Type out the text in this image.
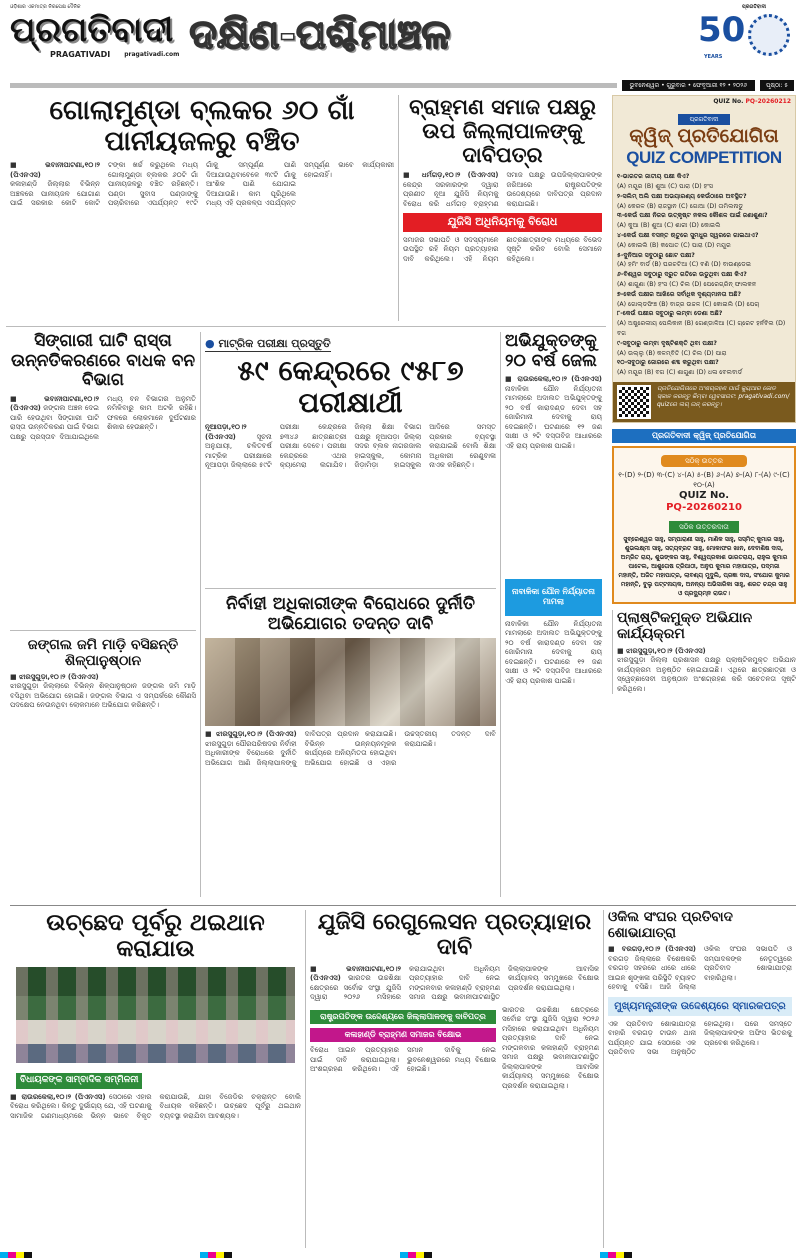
ଓଡ଼ିଶାର ଏକମାତ୍ର ନିରପେକ୍ଷ ଦୈନିକ
ପ୍ରଗତିବାଦୀ
PRAGATIVADI pragativadi.com ଦକ୍ଷିଣ-ପଶ୍ଚିମାଞ୍ଚଳ
ପ୍ରଗତିବାଦୀ
50
YEARS
ଭୁବନେଶ୍ୱର • ଗୁରୁବାର • ଫେବୃଆରୀ ୧୨ • ୨୦୨୬	ପୃଷ୍ଠା: ୫
ଗୋଲାମୁଣ୍ଡା ବ୍ଲକର ୬୦ ଗାଁ ପାନୀୟଜଳରୁ ବଞ୍ଚିତ
■ ଭବାନୀପାଟଣା,୧୦।୨ (ପିଏନଏସ)
କଳାହାଣ୍ଡି ଜିଲ୍ଲାର ବିଭିନ୍ନ ଅଞ୍ଚଳରେ ପାନୀୟଜଳ ଯୋଗାଣ ପାଇଁ ସରକାର କୋଟି କୋଟି ଟଙ୍କା ଖର୍ଚ୍ଚ କରୁଥିଲେ ମଧ୍ୟ ଗୋଲାମୁଣ୍ଡା ବ୍ଲକର ୬୦ଟି ଗାଁ ପାନୀୟଜଳରୁ ବଞ୍ଚିତ ରହିଛନ୍ତି। ପଣ୍ଡା ସୁବାସ ପଣ୍ଡାଙ୍କୁ ପଚାରିବାରେ ଏପର୍ଯ୍ୟନ୍ତ ୧୯ଟି ଗାଁକୁ ସମ୍ପୂର୍ଣ୍ଣ ପାଣି ଦିଆଯାଉଥିବାବେଳେ ୩୯ଟି ଗାଁକୁ ଆଂଶିକ ପାଣି ଯୋଗାଇ ଦିଆଯାଉଛି। କାମ ପୂରିଥିଲେ ମଧ୍ୟ ଏହି ପ୍ରକଳ୍ପ ଏପର୍ଯ୍ୟନ୍ତ ସମ୍ପୂର୍ଣ୍ଣ ଭାବେ କାର୍ଯ୍ୟକାରୀ ହୋଇନାହିଁ।
ବ୍ରାହ୍ମଣ ସମାଜ ପକ୍ଷରୁ ଉପ ଜିଲ୍ଲାପାଳଙ୍କୁ ଦାବିପତ୍ର
■ ଧର୍ମଗଡ଼,୧୦।୨ (ପିଏନଏସ) କେନ୍ଦ୍ର ସରକାରଙ୍କ ଦ୍ୱାରା ପ୍ରଣୀତ ନୂଆ ଯୁଜିସି ନିୟମକୁ ବିରୋଧ କରି ଧର୍ମଗଡ଼ ବ୍ରାହ୍ମଣ ସମାଜ ପକ୍ଷରୁ ଉପଜିଲ୍ଲାପାଳଙ୍କ ଜରିଆରେ ରାଷ୍ଟ୍ରପତିଙ୍କ ଉଦ୍ଦେଶ୍ୟରେ ଦାବିପତ୍ର ପ୍ରଦାନ କରାଯାଇଛି।
ଯୁଜିସି ଅଧିନିୟମକୁ ବିରୋଧ
ସମାଜର ସଭାପତି ଓ ସଦସ୍ୟମାନେ ଉପସ୍ଥିତ ରହି ନିୟମ ପ୍ରତ୍ୟାହାର ଦାବି କରିଥିଲେ। ଏହି ନିୟମ ଛାତ୍ରଛାତ୍ରୀଙ୍କ ମଧ୍ୟରେ ବିଭେଦ ସୃଷ୍ଟି କରିବ ବୋଲି ସେମାନେ କହିଥିଲେ।
ସିଙ୍ଗାରୀ ଘାଟି ରାସ୍ତା ଉନ୍ନତିକରଣରେ ବାଧକ ବନ ବିଭାଗ
■ ଭବାନୀପାଟଣା,୧୦।୨ (ପିଏନଏସ) ଜଙ୍ଗଲ ଅଞ୍ଚଳ ଦେଇ ପାରି ହେଉଥିବା ସିଙ୍ଗାରୀ ଘାଟି ରାସ୍ତା ଉନ୍ନତିକରଣ ପାଇଁ ବିଭାଗ ପକ୍ଷରୁ ପ୍ରସ୍ତାବ ଦିଆଯାଇଥିଲେ ମଧ୍ୟ ବନ ବିଭାଗର ଅନୁମତି ନମିଳିବାରୁ କାମ ଅଟକି ରହିଛି। ଫଳରେ ଲୋକମାନେ ଦୁର୍ଘଟଣାର ଶିକାର ହେଉଛନ୍ତି।
ଜଙ୍ଗଲ ଜମି ମାଡ଼ି ବସିଛନ୍ତି ଶିଳ୍ପାନୁଷ୍ଠାନ
■ ଝାରସୁଗୁଡ଼ା,୧୦।୨ (ପିଏନଏସ)
ଝାରସୁଗୁଡ଼ା ଜିଲ୍ଲାରେ ବିଭିନ୍ନ ଶିଳ୍ପାନୁଷ୍ଠାନ ଜଙ୍ଗଲ ଜମି ମାଡ଼ି ବସିଥିବା ଅଭିଯୋଗ ହୋଇଛି। ଜଙ୍ଗଲ ବିଭାଗ ଏ ସମ୍ପର୍କରେ କୌଣସି ପଦକ୍ଷେପ ନେଉନଥିବା ଲୋକମାନେ ଅଭିଯୋଗ କରିଛନ୍ତି।
● ମାଟ୍ରିକ ପରୀକ୍ଷା ପ୍ରସ୍ତୁତି
୫୯ କେନ୍ଦ୍ରରେ ୯୫୮୭ ପରୀକ୍ଷାର୍ଥୀ
ନୂଆପଡ଼ା,୧୦।୨ (ପିଏନଏସ)	ସୂଚନା ଅନୁଯାୟୀ, ଚଳିତବର୍ଷ ମାଟ୍ରିକ ପରୀକ୍ଷାରେ ନୂଆପଡ଼ା ଜିଲ୍ଲାରେ ୫୯ଟି ପରୀକ୍ଷା କେନ୍ଦ୍ରରେ ୭୩୪୬ ଛାତ୍ରଛାତ୍ରୀ ପରୀକ୍ଷା ଦେବେ। ପରୀକ୍ଷା କେନ୍ଦ୍ରରେ ଏଥର କ୍ୟାମେରା ଲଗାଯିବ। ଜିଲ୍ଲା ଶିକ୍ଷା ବିଭାଗ ପକ୍ଷରୁ ନୂଆପଡ଼ା ଜିଲ୍ଲା ସଦର ବ୍ଲକ ନାଗରଜାଲ ହାଇସ୍କୁଲ, କୋମନା ଜିଡ଼ାମିଡ଼ା ହାଇସ୍କୁଲ ଆଦିରେ ସମସ୍ତ ପ୍ରକାର ବ୍ୟବସ୍ଥା କରାଯାଇଛି ବୋଲି ଶିକ୍ଷା ଅଧିକାରୀ ରେଣୁବାଳା ନାଏକ କହିଛନ୍ତି।
ନିର୍ବାହୀ ଅଧିକାରୀଙ୍କ ବିରୋଧରେ ଦୁର୍ନୀତି ଅଭିଯୋଗର ତଦନ୍ତ ଦାବି
■ ଝାରସୁଗୁଡ଼ା,୧୦।୨ (ପିଏନଏସ) ଝାରସୁଗୁଡ଼ା ପୌରପରିଷଦର ନିର୍ବାହୀ ଅଧିକାରୀଙ୍କ ବିରୋଧରେ ଦୁର୍ନୀତି ଅଭିଯୋଗ ଆଣି ଜିଲ୍ଲାପାଳଙ୍କୁ ଦାବିପତ୍ର ପ୍ରଦାନ କରାଯାଇଛି। ବିଭିନ୍ନ ଉନ୍ନୟନମୂଳକ କାର୍ଯ୍ୟରେ ଅନିୟମିତତା ହୋଇଥିବା ଅଭିଯୋଗ ହୋଇଛି ଓ ଏହାର ଉଚ୍ଚସ୍ତରୀୟ ତଦନ୍ତ ଦାବି କରାଯାଇଛି।
ଅଭିଯୁକ୍ତଙ୍କୁ ୨୦ ବର୍ଷ ଜେଲ
■ ରାଉରକେଲା,୧୦।୨ (ପିଏନଏସ) ନାବାଳିକା ଯୌନ ନିର୍ଯ୍ୟାତନା ମାମଲାରେ ଅଦାଲତ ଅଭିଯୁକ୍ତଙ୍କୁ ୨୦ ବର୍ଷ କାରାଦଣ୍ଡ ଦେବା ସହ ଜୋରିମାନା ଦେବାକୁ ରାୟ ଦେଇଛନ୍ତି। ଘଟଣାରେ ୧୨ ଜଣ ସାକ୍ଷୀ ଓ ୨ଟି ଦସ୍ତାବିଜ ଆଧାରରେ ଏହି ରାୟ ପ୍ରକାଶ ପାଇଛି।
ନାବାଳିକା ଯୌନ ନିର୍ଯ୍ୟାତନା ମାମଲା
ନାବାଳିକା ଯୌନ ନିର୍ଯ୍ୟାତନା ମାମଲାରେ ଅଦାଲତ ଅଭିଯୁକ୍ତଙ୍କୁ ୨୦ ବର୍ଷ କାରାଦଣ୍ଡ ଦେବା ସହ ଜୋରିମାନା ଦେବାକୁ ରାୟ ଦେଇଛନ୍ତି। ଘଟଣାରେ ୧୨ ଜଣ ସାକ୍ଷୀ ଓ ୨ଟି ଦସ୍ତାବିଜ ଆଧାରରେ ଏହି ରାୟ ପ୍ରକାଶ ପାଇଛି।
QUIZ No. PQ-20260212
ପ୍ରଗତିବାଦୀ
କ୍ୱିଜ୍ ପ୍ରତିଯୋଗିତା
QUIZ COMPETITION
୧-ଭାରତର ଜାତୀୟ ପକ୍ଷୀ କିଏ?
(A) ମୟୂର (B) ଶୁଆ (C) ପାରା (D) ହଂସ
୨-ସଲିମ୍ ଅଲି ପକ୍ଷୀ ଅଭୟାରଣ୍ୟ କେଉଁଠାରେ ଅବସ୍ଥିତ?
(A) କେରଳ (B) ରାଜସ୍ଥାନ (C) ଗୋଆ (D) ତାମିଲନାଡୁ
୩-କେଉଁ ପକ୍ଷୀ ନିଜର ଉତ୍କୃଷ୍ଟ ନକଲ କୌଶଳ ପାଇଁ ଜଣାଶୁଣା?
(A) କୁଆ (B) ଶୁଆ (C) ଶାରୀ (D) କୋଇଲି
୪-କେଉଁ ପକ୍ଷୀ ବସନ୍ତ ଋତୁରେ ସୁମଧୁର ସ୍ୱରରେ ଗାଇଥାଏ?
(A) କୋଇଲି (B) କପୋତ (C) ପାରା (D) ମୟୂର
୫-ଦୁନିଆର ସବୁଠାରୁ ଛୋଟ ପକ୍ଷୀ?
(A) ହମିଂ ବାର୍ଡ (B) ଘରଚଟିଆ (C) ବଣି (D) ବାଉଣ୍ଡେଇ
୬-ବିଶ୍ୱର ସବୁଠାରୁ ଦ୍ରୁତ ଗତିରେ ଉଡୁଥିବା ପକ୍ଷୀ କିଏ?
(A) ଶାଗୁଣା (B) ହଂସ (C) ଚିଲ (D) ପେରେଗ୍ରିନ୍ ଫାଲକନ
୭-କେଉଁ ପକ୍ଷୀର ଆଖିରେ ସର୍ବାଧିକ ଦୃଶ୍ୟମାନତା ଅଛି?
(A) ଗୋଲ୍ଡଫିଞ୍ଚ (B) ବାଜ୍ର ଉଚ୍ଚଳ (C) କୋଇଲି (D) ପେଚା
୮-କେଉଁ ପକ୍ଷୀର ସବୁଠାରୁ ଲମ୍ବା ଡେଣା ଅଛି?
(A) ଅଷ୍ଟ୍ରେଲୀୟ ପେଲିକାନ (B) ଗେଣ୍ଡାଳିଆ (C) ଗ୍ରେଟ ହର୍ନବିଲ (D) ବଗ
୯-ସବୁଠାରୁ ଲମ୍ବା ଦୃଷ୍ଟିଶକ୍ତି ଥିବା ପକ୍ଷୀ?
(A) ଉଲ୍ଲୁ (B) କଳମ୍ବିତି (C) ଚିଲ (D) ପାରା
୧୦-ସବୁଠାରୁ ଜୋରରେ ଶବ୍ଦ କରୁଥିବା ପକ୍ଷୀ?
(A) ମୟୂର (B) ବଗ (C) ଶାଗୁଣା (D) ଧଳା ବେଲବାର୍ଡ
ପ୍ରତିଯୋଗିତାରେ ଅଂଶଗ୍ରହଣ ପାଇଁ କ୍ୟୁଆର କୋଡ ସ୍କାନ କରନ୍ତୁ କିମ୍ବା ୱେବସାଇଟ: pragativadi.com/ quizରେ ଲଗ୍ ଇନ୍ କରନ୍ତୁ।
ପ୍ରଗତିବାଦୀ କ୍ୱିଜ୍ ପ୍ରତିଯୋଗିତା
ସଠିକ୍ ଉତ୍ତର
୧-(D) ୨-(D) ୩-(C) ୪-(A) ୫-(B) ୬-(A) ୭-(A) ୮-(A) ୯-(C) ୧୦-(A)
QUIZ No.
PQ-20260210
ସଠିକ ଉତ୍ତରଦାତା
ସୁବ୍ରେଶ୍ୱର ସାହୁ, ସମ୍ପାରାଣୀ ସାହୁ, ମାଣିକ ସାହୁ, ସସ୍ମିତ୍ କୁମାର ସାହୁ, ଶୁଭଲକ୍ଷ୍ମୀ ସାହୁ, ସତ୍ୟବ୍ରତ ସାହୁ, ମୋକାଫର ଖାନ, ଦେବାଶିଷ ଦାସ, ଅମ୍ରିତ ରାୟ, ଶୁଭଙ୍କର ସାହୁ, ବିଶ୍ୱପ୍ରକାଶ ଭାରତରାୟ, ରାହୁଲ କୁମାର ପାଟେଲ, ଆଶୁତୋଷ ତ୍ରିପାଠୀ, ଅନୁପ କୁମାର ମହାପାତ୍ର, ପଦ୍ମଜା ମହାନ୍ତି, ଅଜିତ ମହାପାତ୍ର, ଲାବଣ୍ୟ ମୁଦୁଲି, ପ୍ରଜ୍ଞା ଦାସ, ସଂଯୋଗ କୁମାର ମହାନ୍ତି, ବୁଲୁ ପଟ୍ଟନାୟକ, ଅନନ୍ୟା ଅଭିସାରିକା ସାହୁ, ଶରତ ଚନ୍ଦ୍ର ସାହୁ ଓ ପ୍ରଦ୍ୟୁମ୍ନ ରାଉତ।
ପ୍ଲାଷ୍ଟିକମୁକ୍ତ ଅଭିଯାନ କାର୍ଯ୍ୟକ୍ରମ
■ ଝାରସୁଗୁଡ଼ା,୧୦।୨ (ପିଏନଏସ)
ଝାରସୁଗୁଡ଼ା ଜିଲ୍ଲା ପ୍ରଶାସନ ପକ୍ଷରୁ ପ୍ଲାଷ୍ଟିକମୁକ୍ତ ଅଭିଯାନ କାର୍ଯ୍ୟକ୍ରମ ଅନୁଷ୍ଠିତ ହୋଇଯାଇଛି। ଏଥିରେ ଛାତ୍ରଛାତ୍ରୀ ଓ ସ୍ୱେଚ୍ଛାସେବୀ ଅନୁଷ୍ଠାନ ଅଂଶଗ୍ରହଣ କରି ସଚେତନତା ସୃଷ୍ଟି କରିଥିଲେ।
ଉଚ୍ଛେଦ ପୂର୍ବରୁ ଥଇଥାନ କରାଯାଉ
ବିଧାୟକଙ୍କ ସାମ୍ବାଦିକ ସମ୍ମିଳନୀ
■ ରାଉରକେଲା,୧୦।୨ (ପିଏନଏସ) ସେଠାରେ ଏହାର ବିରୋଧ କରିଥିଲେ। କିନ୍ତୁ ଦୁର୍ଭାଗ୍ୟ ଯେ, ଏହି ଘଟଣାକୁ ସାମାଜିକ ଗଣମାଧ୍ୟମରେ ଭିନ୍ନ ଭାବେ ବିକୃତ କରାଯାଉଛି, ଯାହା ବିଜେଡିର ଚକ୍ରାନ୍ତ ବୋଲି ବିଧାୟକ କହିଛନ୍ତି। ଉଚ୍ଛେଦ ପୂର୍ବରୁ ଥଇଥାନ ବ୍ୟବସ୍ଥା କରାଯିବା ଆବଶ୍ୟକ।
ଯୁଜିସି ରେଗୁଲେସନ ପ୍ରତ୍ୟାହାର ଦାବି
■ ଭବାନୀପାଟଣା,୧୦।୨ (ପିଏନଏସ) ଭାରତର ଉଚ୍ଚଶିକ୍ଷା କ୍ଷେତ୍ରରେ ସର୍ବୋଚ୍ଚ ସଂସ୍ଥା ଯୁଜିସି ଦ୍ୱାରା ୨୦୨୬ ମସିହାରେ କରାଯାଇଥିବା ଅଧିନିୟମ ପ୍ରତ୍ୟାହାର ଦାବି ନେଇ ମଙ୍ଗଳବାର କଳାହାଣ୍ଡି ବ୍ରାହ୍ମଣ ସମାଜ ପକ୍ଷରୁ ଭବାନୀପାଟଣାସ୍ଥିତ ଜିଲ୍ଲାପାଳଙ୍କ ଆବାସିକ କାର୍ଯ୍ୟାଳୟ ସମ୍ମୁଖରେ ବିକ୍ଷୋଭ ପ୍ରଦର୍ଶନ କରାଯାଇଥିଲା।
ରାଷ୍ଟ୍ରପତିଙ୍କ ଉଦ୍ଦେଶ୍ୟରେ ଜିଲ୍ଲାପାଳଙ୍କୁ ଦାବିପତ୍ର
କଳାହାଣ୍ଡି ବ୍ରାହ୍ମଣ ସମାଜର ବିକ୍ଷୋଭ
ବିରୋଧ ଆଇନ ପ୍ରତ୍ୟାହାର ପାଇଁ ଦାବି କରାଯାଇଥିଲା। ଅଂଶଗ୍ରହଣ କରିଥିଲେ। ଏହି ସମାନ ଦାବିକୁ ନେଇ ଭୁବନେଶ୍ୱରରେ ମଧ୍ୟ ବିକ୍ଷୋଭ ହୋଇଛି।
ଭାରତର ଉଚ୍ଚଶିକ୍ଷା କ୍ଷେତ୍ରରେ ସର୍ବୋଚ୍ଚ ସଂସ୍ଥା ଯୁଜିସି ଦ୍ୱାରା ୨୦୨୬ ମସିହାରେ କରାଯାଇଥିବା ଅଧିନିୟମ ପ୍ରତ୍ୟାହାର ଦାବି ନେଇ ମଙ୍ଗଳବାର କଳାହାଣ୍ଡି ବ୍ରାହ୍ମଣ ସମାଜ ପକ୍ଷରୁ ଭବାନୀପାଟଣାସ୍ଥିତ ଜିଲ୍ଲାପାଳଙ୍କ ଆବାସିକ କାର୍ଯ୍ୟାଳୟ ସମ୍ମୁଖରେ ବିକ୍ଷୋଭ ପ୍ରଦର୍ଶନ କରାଯାଇଥିଲା।
ଓକିଲ ସଂଘର ପ୍ରତିବାଦ ଶୋଭାଯାତ୍ରା
■ ବରଗଡ଼,୧୦।୨ (ପିଏନଏସ) ବରଗଡ଼ ଜିଲ୍ଲାରେ ବିଶେଷକରି ବରଗଡ଼ ସହରରେ ଧୀରେ ଧୀରେ ଆଇନ ଶୃଙ୍ଖଳା ପରିସ୍ଥିତି ବ୍ୟାହତ ହେବାକୁ ବସିଛି। ଆଜି ଜିଲ୍ଲା ଓକିଲ ସଂଘର ସଭାପତି ଓ ସମ୍ପାଦକଙ୍କ ନେତୃତ୍ୱରେ ପ୍ରତିବାଦ ଶୋଭାଯାତ୍ରା ବାହାରିଥିଲା।
ମୁଖ୍ୟମନ୍ତ୍ରୀଙ୍କ ଉଦ୍ଦେଶ୍ୟରେ ସ୍ମାରକପତ୍ର
ଏକ ପ୍ରତିବାଦ ଶୋଭାଯାତ୍ରା ବାହାରି ବରଗଡ଼ ଟାଉନ ଥାନା ପର୍ଯ୍ୟନ୍ତ ଯାଇ ସେଠାରେ ଏକ ପ୍ରତିବାଦ ସଭା ଅନୁଷ୍ଠିତ ହୋଇଥିଲା। ପରେ ସମସ୍ତେ ଜିଲ୍ଲାପାଳଙ୍କ ଅଫିସ ଭିତରକୁ ପ୍ରବେଶ କରିଥିଲେ।
